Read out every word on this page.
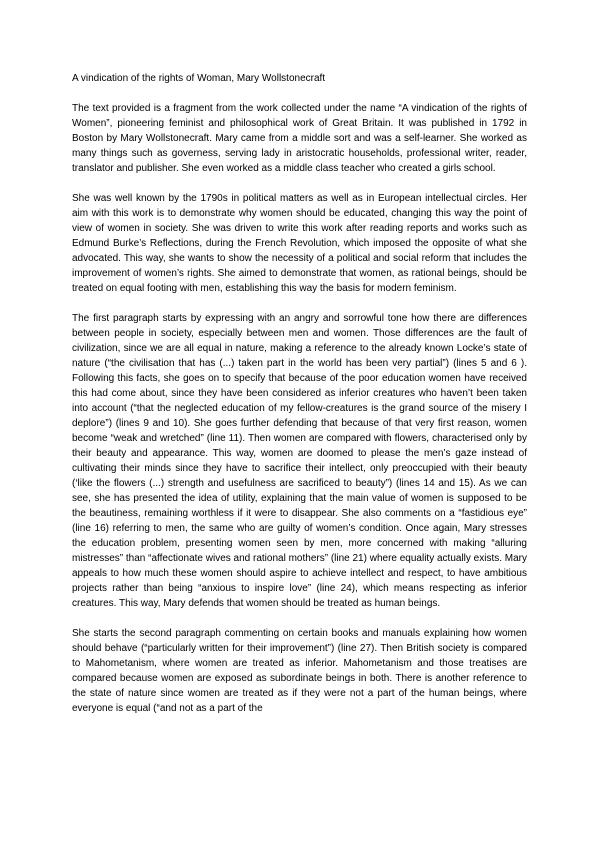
A vindication of the rights of Woman, Mary Wollstonecraft

The text provided is a fragment from the work collected under the name “A vindication of the rights of Women”, pioneering feminist and philosophical work of Great Britain. It was published in 1792 in Boston by Mary Wollstonecraft. Mary came from a middle sort and was a self-learner. She worked as many things such as governess, serving lady in aristocratic households, professional writer, reader, translator and publisher. She even worked as a middle class teacher who created a girls school.

She was well known by the 1790s in political matters as well as in European intellectual circles. Her aim with this work is to demonstrate why women should be educated, changing this way the point of view of women in society. She was driven to write this work after reading reports and works such as Edmund Burke’s Reflections, during the French Revolution, which imposed the opposite of what she advocated. This way, she wants to show the necessity of a political and social reform that includes the improvement of women’s rights. She aimed to demonstrate that women, as rational beings, should be treated on equal footing with men, establishing this way the basis for modern feminism.

The first paragraph starts by expressing with an angry and sorrowful tone how there are differences between people in society, especially between men and women. Those differences are the fault of civilization, since we are all equal in nature, making a reference to the already known Locke’s state of nature (“the civilisation that has (...) taken part in the world has been very partial”) (lines 5 and 6 ). Following this facts, she goes on to specify that because of the poor education women have received this had come about, since they have been considered as inferior creatures who haven’t been taken into account (“that the neglected education of my fellow-creatures is the grand source of the misery I deplore”) (lines 9 and 10). She goes further defending that because of that very first reason, women become “weak and wretched” (line 11). Then women are compared with flowers, characterised only by their beauty and appearance. This way, women are doomed to please the men’s gaze instead of cultivating their minds since they have to sacrifice their intellect, only preoccupied with their beauty (‘like the flowers (...) strength and usefulness are sacrificed to beauty”) (lines 14 and 15). As we can see, she has presented the idea of utility, explaining that the main value of women is supposed to be the beautiness, remaining worthless if it were to disappear. She also comments on a “fastidious eye” (line 16) referring to men, the same who are guilty of women’s condition. Once again, Mary stresses the education problem, presenting women seen by men, more concerned with making “alluring mistresses” than “affectionate wives and rational mothers” (line 21) where equality actually exists. Mary appeals to how much these women should aspire to achieve intellect and respect, to have ambitious projects rather than being “anxious to inspire love” (line 24), which means respecting as inferior creatures. This way, Mary defends that women should be treated as human beings.

She starts the second paragraph commenting on certain books and manuals explaining how women should behave (“particularly written for their improvement”) (line 27). Then British society is compared to Mahometanism, where women are treated as inferior. Mahometanism and those treatises are compared because women are exposed as subordinate beings in both. There is another reference to the state of nature since women are treated as if they were not a part of the human beings, where everyone is equal (“and not as a part of the
